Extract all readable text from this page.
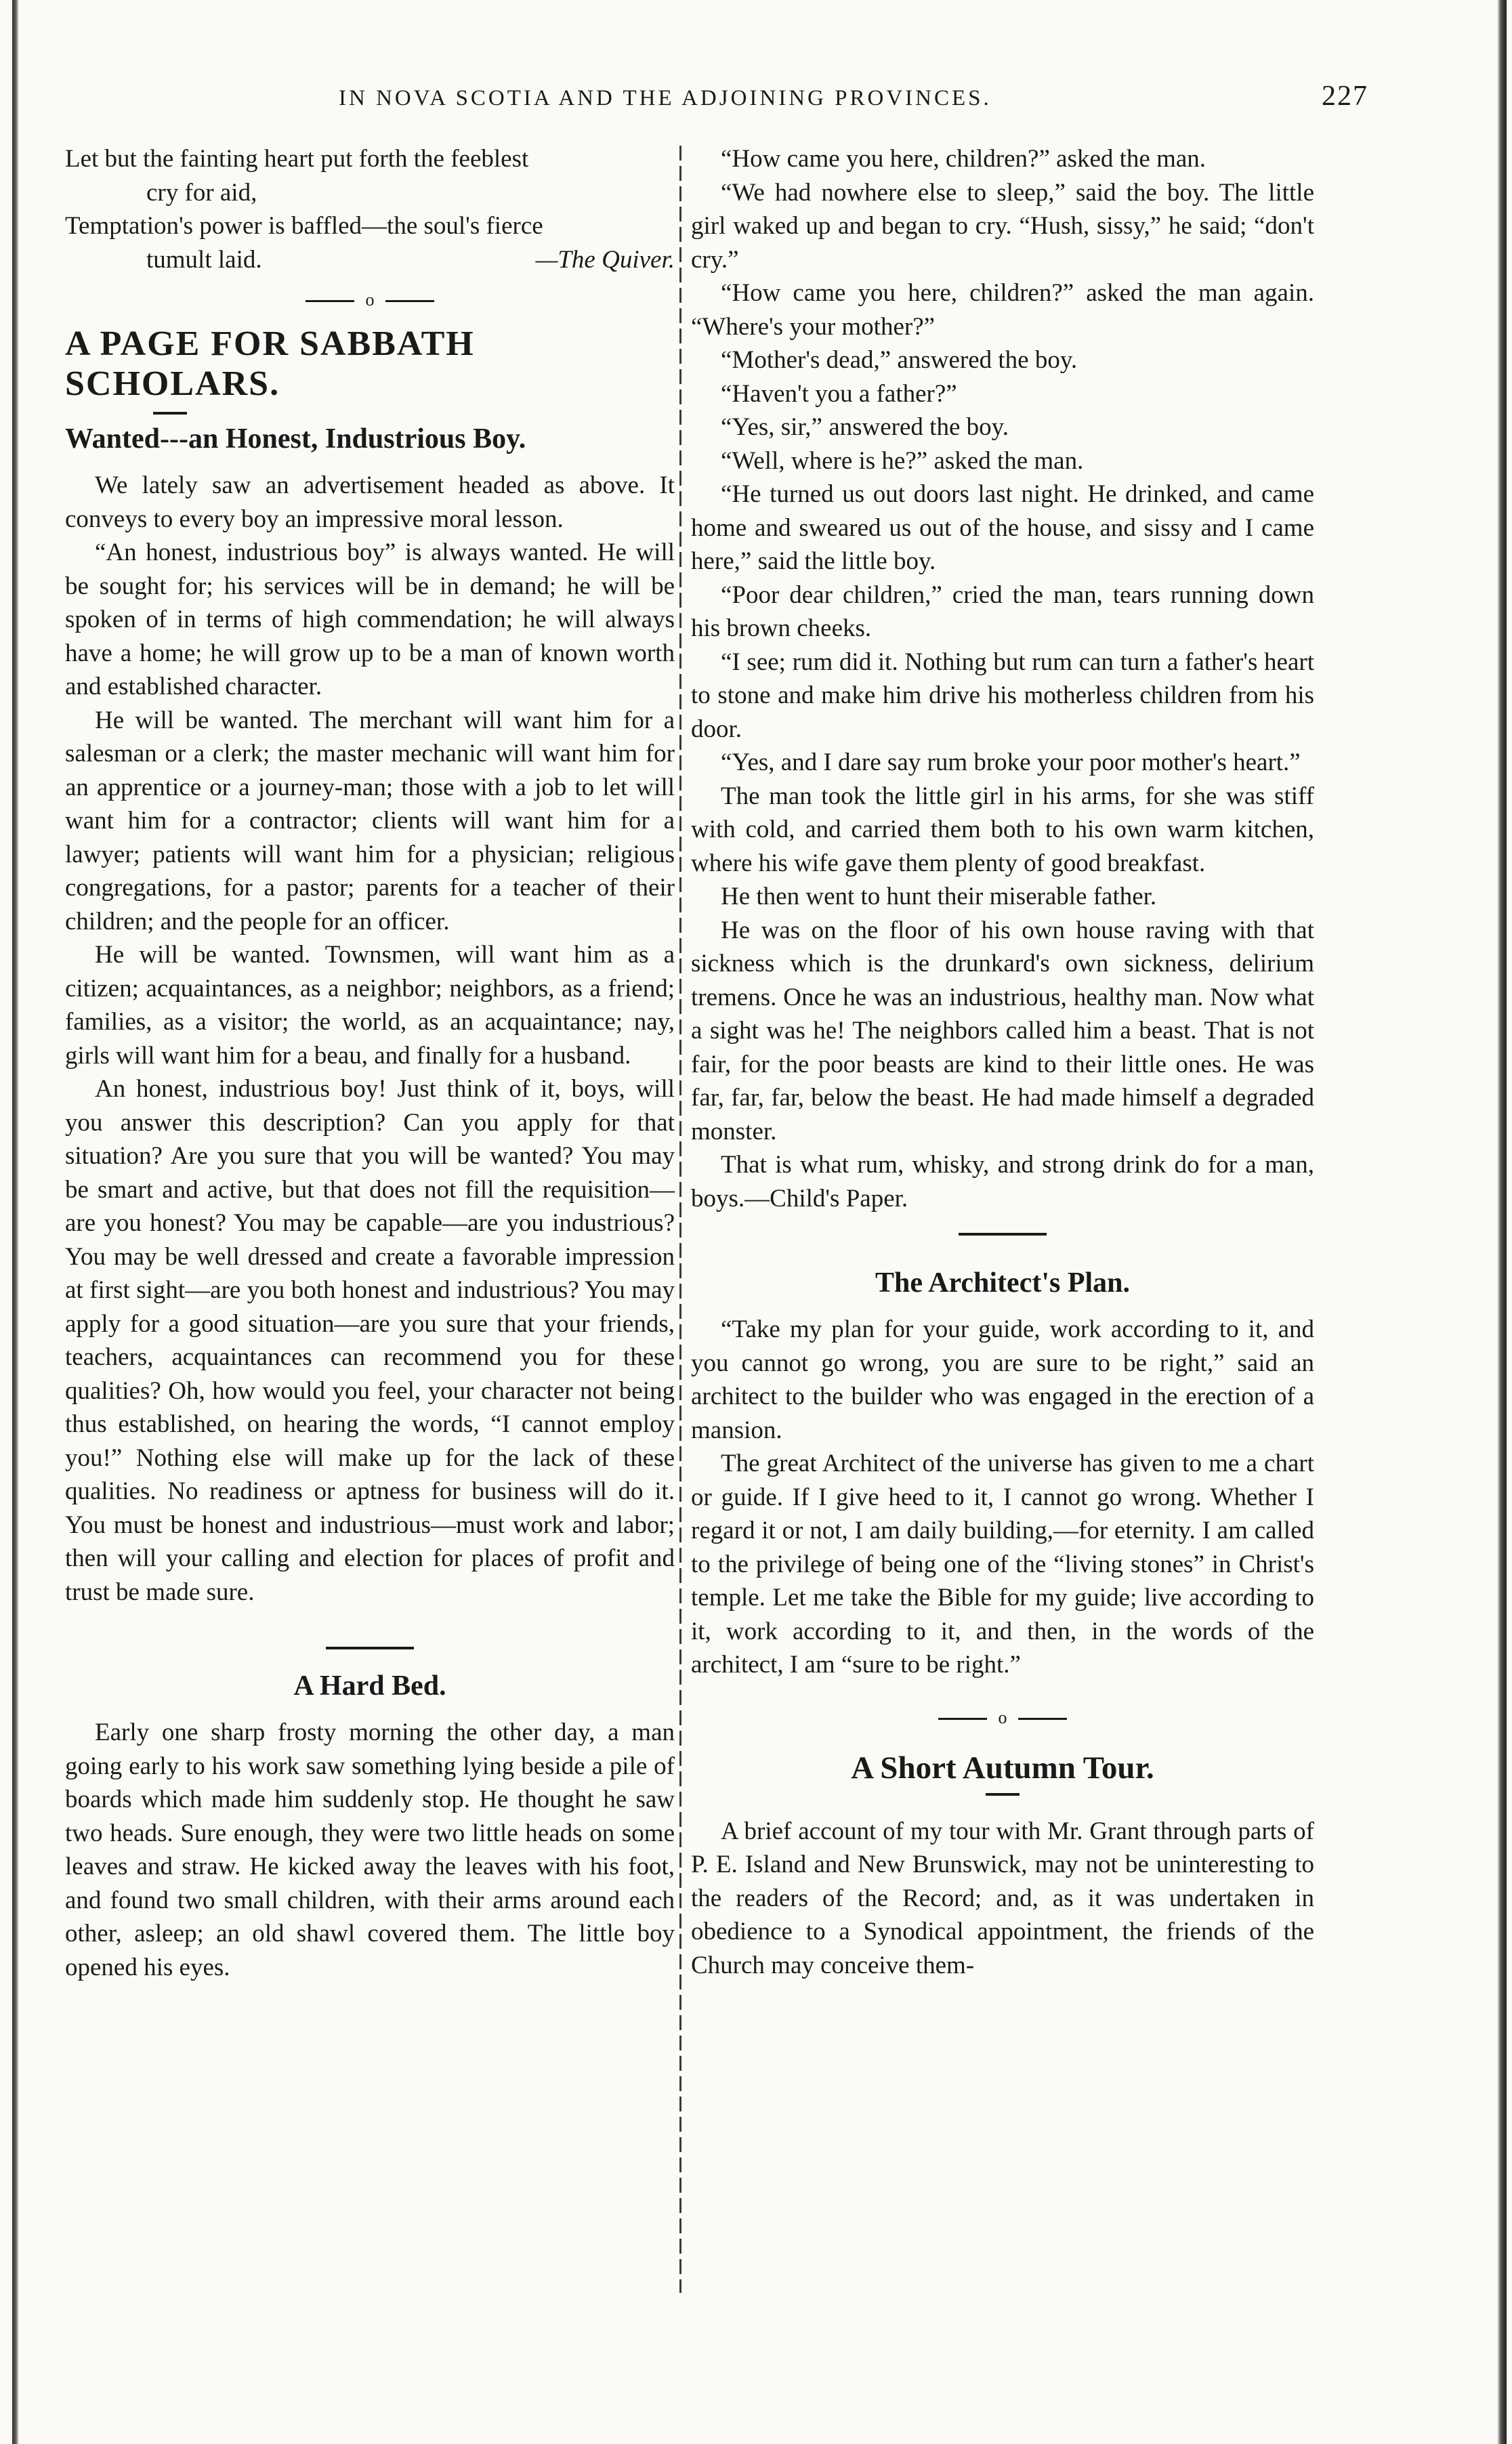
IN NOVA SCOTIA AND THE ADJOINING PROVINCES.	227

Let but the fainting heart put forth the feeblest
cry for aid,

Temptation's power is baffled—the soul's fierce
tumult laid.	—The Quiver.

o
A PAGE FOR SABBATH SCHOLARS.
Wanted---an Honest, Industrious Boy.

We lately saw an advertisement headed as above. It conveys to every boy an impressive moral lesson.

“An honest, industrious boy” is always wanted. He will be sought for; his services will be in demand; he will be spoken of in terms of high commendation; he will always have a home; he will grow up to be a man of known worth and established character.

He will be wanted. The merchant will want him for a salesman or a clerk; the master mechanic will want him for an apprentice or a journey-man; those with a job to let will want him for a contractor; clients will want him for a lawyer; patients will want him for a physician; religious congregations, for a pastor; parents for a teacher of their children; and the people for an officer.

He will be wanted. Townsmen, will want him as a citizen; acquaintances, as a neighbor; neighbors, as a friend; families, as a visitor; the world, as an acquaintance; nay, girls will want him for a beau, and finally for a husband.

An honest, industrious boy! Just think of it, boys, will you answer this description? Can you apply for that situation? Are you sure that you will be wanted? You may be smart and active, but that does not fill the requisition—are you honest? You may be capable—are you industrious? You may be well dressed and create a favorable impression at first sight—are you both honest and industrious? You may apply for a good situation—are you sure that your friends, teachers, acquaintances can recommend you for these qualities? Oh, how would you feel, your character not being thus established, on hearing the words, “I cannot employ you!” Nothing else will make up for the lack of these qualities. No readiness or aptness for business will do it. You must be honest and industrious—must work and labor; then will your calling and election for places of profit and trust be made sure.

A Hard Bed.

Early one sharp frosty morning the other day, a man going early to his work saw something lying beside a pile of boards which made him suddenly stop. He thought he saw two heads. Sure enough, they were two little heads on some leaves and straw. He kicked away the leaves with his foot, and found two small children, with their arms around each other, asleep; an old shawl covered them. The little boy opened his eyes.

“How came you here, children?” asked the man.

“We had nowhere else to sleep,” said the boy. The little girl waked up and began to cry. “Hush, sissy,” he said; “don't cry.”

“How came you here, children?” asked the man again. “Where's your mother?”

“Mother's dead,” answered the boy.

“Haven't you a father?”

“Yes, sir,” answered the boy.

“Well, where is he?” asked the man.

“He turned us out doors last night. He drinked, and came home and sweared us out of the house, and sissy and I came here,” said the little boy.

“Poor dear children,” cried the man, tears running down his brown cheeks.

“I see; rum did it. Nothing but rum can turn a father's heart to stone and make him drive his motherless children from his door.

“Yes, and I dare say rum broke your poor mother's heart.”

The man took the little girl in his arms, for she was stiff with cold, and carried them both to his own warm kitchen, where his wife gave them plenty of good breakfast.

He then went to hunt their miserable father.

He was on the floor of his own house raving with that sickness which is the drunkard's own sickness, delirium tremens. Once he was an industrious, healthy man. Now what a sight was he! The neighbors called him a beast. That is not fair, for the poor beasts are kind to their little ones. He was far, far, far, below the beast. He had made himself a degraded monster.

That is what rum, whisky, and strong drink do for a man, boys.—Child's Paper.

The Architect's Plan.

“Take my plan for your guide, work according to it, and you cannot go wrong, you are sure to be right,” said an architect to the builder who was engaged in the erection of a mansion.

The great Architect of the universe has given to me a chart or guide. If I give heed to it, I cannot go wrong. Whether I regard it or not, I am daily building,—for eternity. I am called to the privilege of being one of the “living stones” in Christ's temple. Let me take the Bible for my guide; live according to it, work according to it, and then, in the words of the architect, I am “sure to be right.”

o
A Short Autumn Tour.

A brief account of my tour with Mr. Grant through parts of P. E. Island and New Brunswick, may not be uninteresting to the readers of the Record; and, as it was undertaken in obedience to a Synodical appointment, the friends of the Church may conceive them-
